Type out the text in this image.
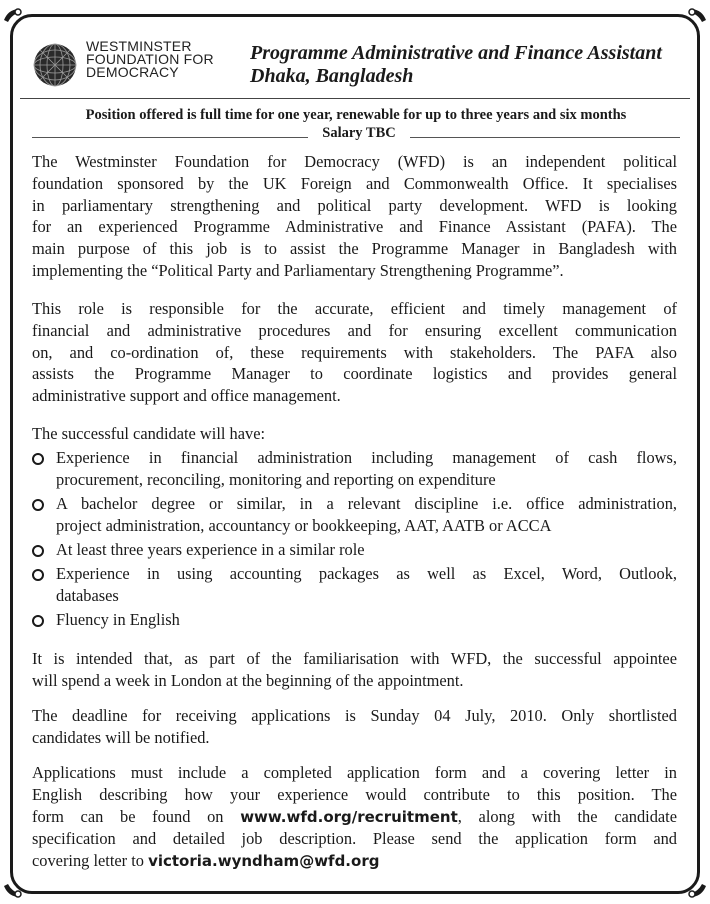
WESTMINSTER
FOUNDATION FOR
DEMOCRACY
Programme Administrative and Finance Assistant
Dhaka, Bangladesh
Position offered is full time for one year, renewable for up to three years and six months
Salary TBC
The Westminster Foundation for Democracy (WFD) is an independent political
foundation sponsored by the UK Foreign and Commonwealth Office. It specialises
in parliamentary strengthening and political party development. WFD is looking
for an experienced Programme Administrative and Finance Assistant (PAFA). The
main purpose of this job is to assist the Programme Manager in Bangladesh with
implementing the “Political Party and Parliamentary Strengthening Programme”.
This role is responsible for the accurate, efficient and timely management of
financial and administrative procedures and for ensuring excellent communication
on, and co-ordination of, these requirements with stakeholders. The PAFA also
assists the Programme Manager to coordinate logistics and provides general
administrative support and office management.
The successful candidate will have:
Experience in financial administration including management of cash flows,
procurement, reconciling, monitoring and reporting on expenditure
A bachelor degree or similar, in a relevant discipline i.e. office administration,
project administration, accountancy or bookkeeping, AAT, AATB or ACCA
At least three years experience in a similar role
Experience in using accounting packages as well as Excel, Word, Outlook,
databases
Fluency in English
It is intended that, as part of the familiarisation with WFD, the successful appointee
will spend a week in London at the beginning of the appointment.
The deadline for receiving applications is Sunday 04 July, 2010. Only shortlisted
candidates will be notified.
Applications must include a completed application form and a covering letter in
English describing how your experience would contribute to this position. The
form can be found on www.wfd.org/recruitment, along with the candidate
specification and detailed job description. Please send the application form and
covering letter to victoria.wyndham@wfd.org
